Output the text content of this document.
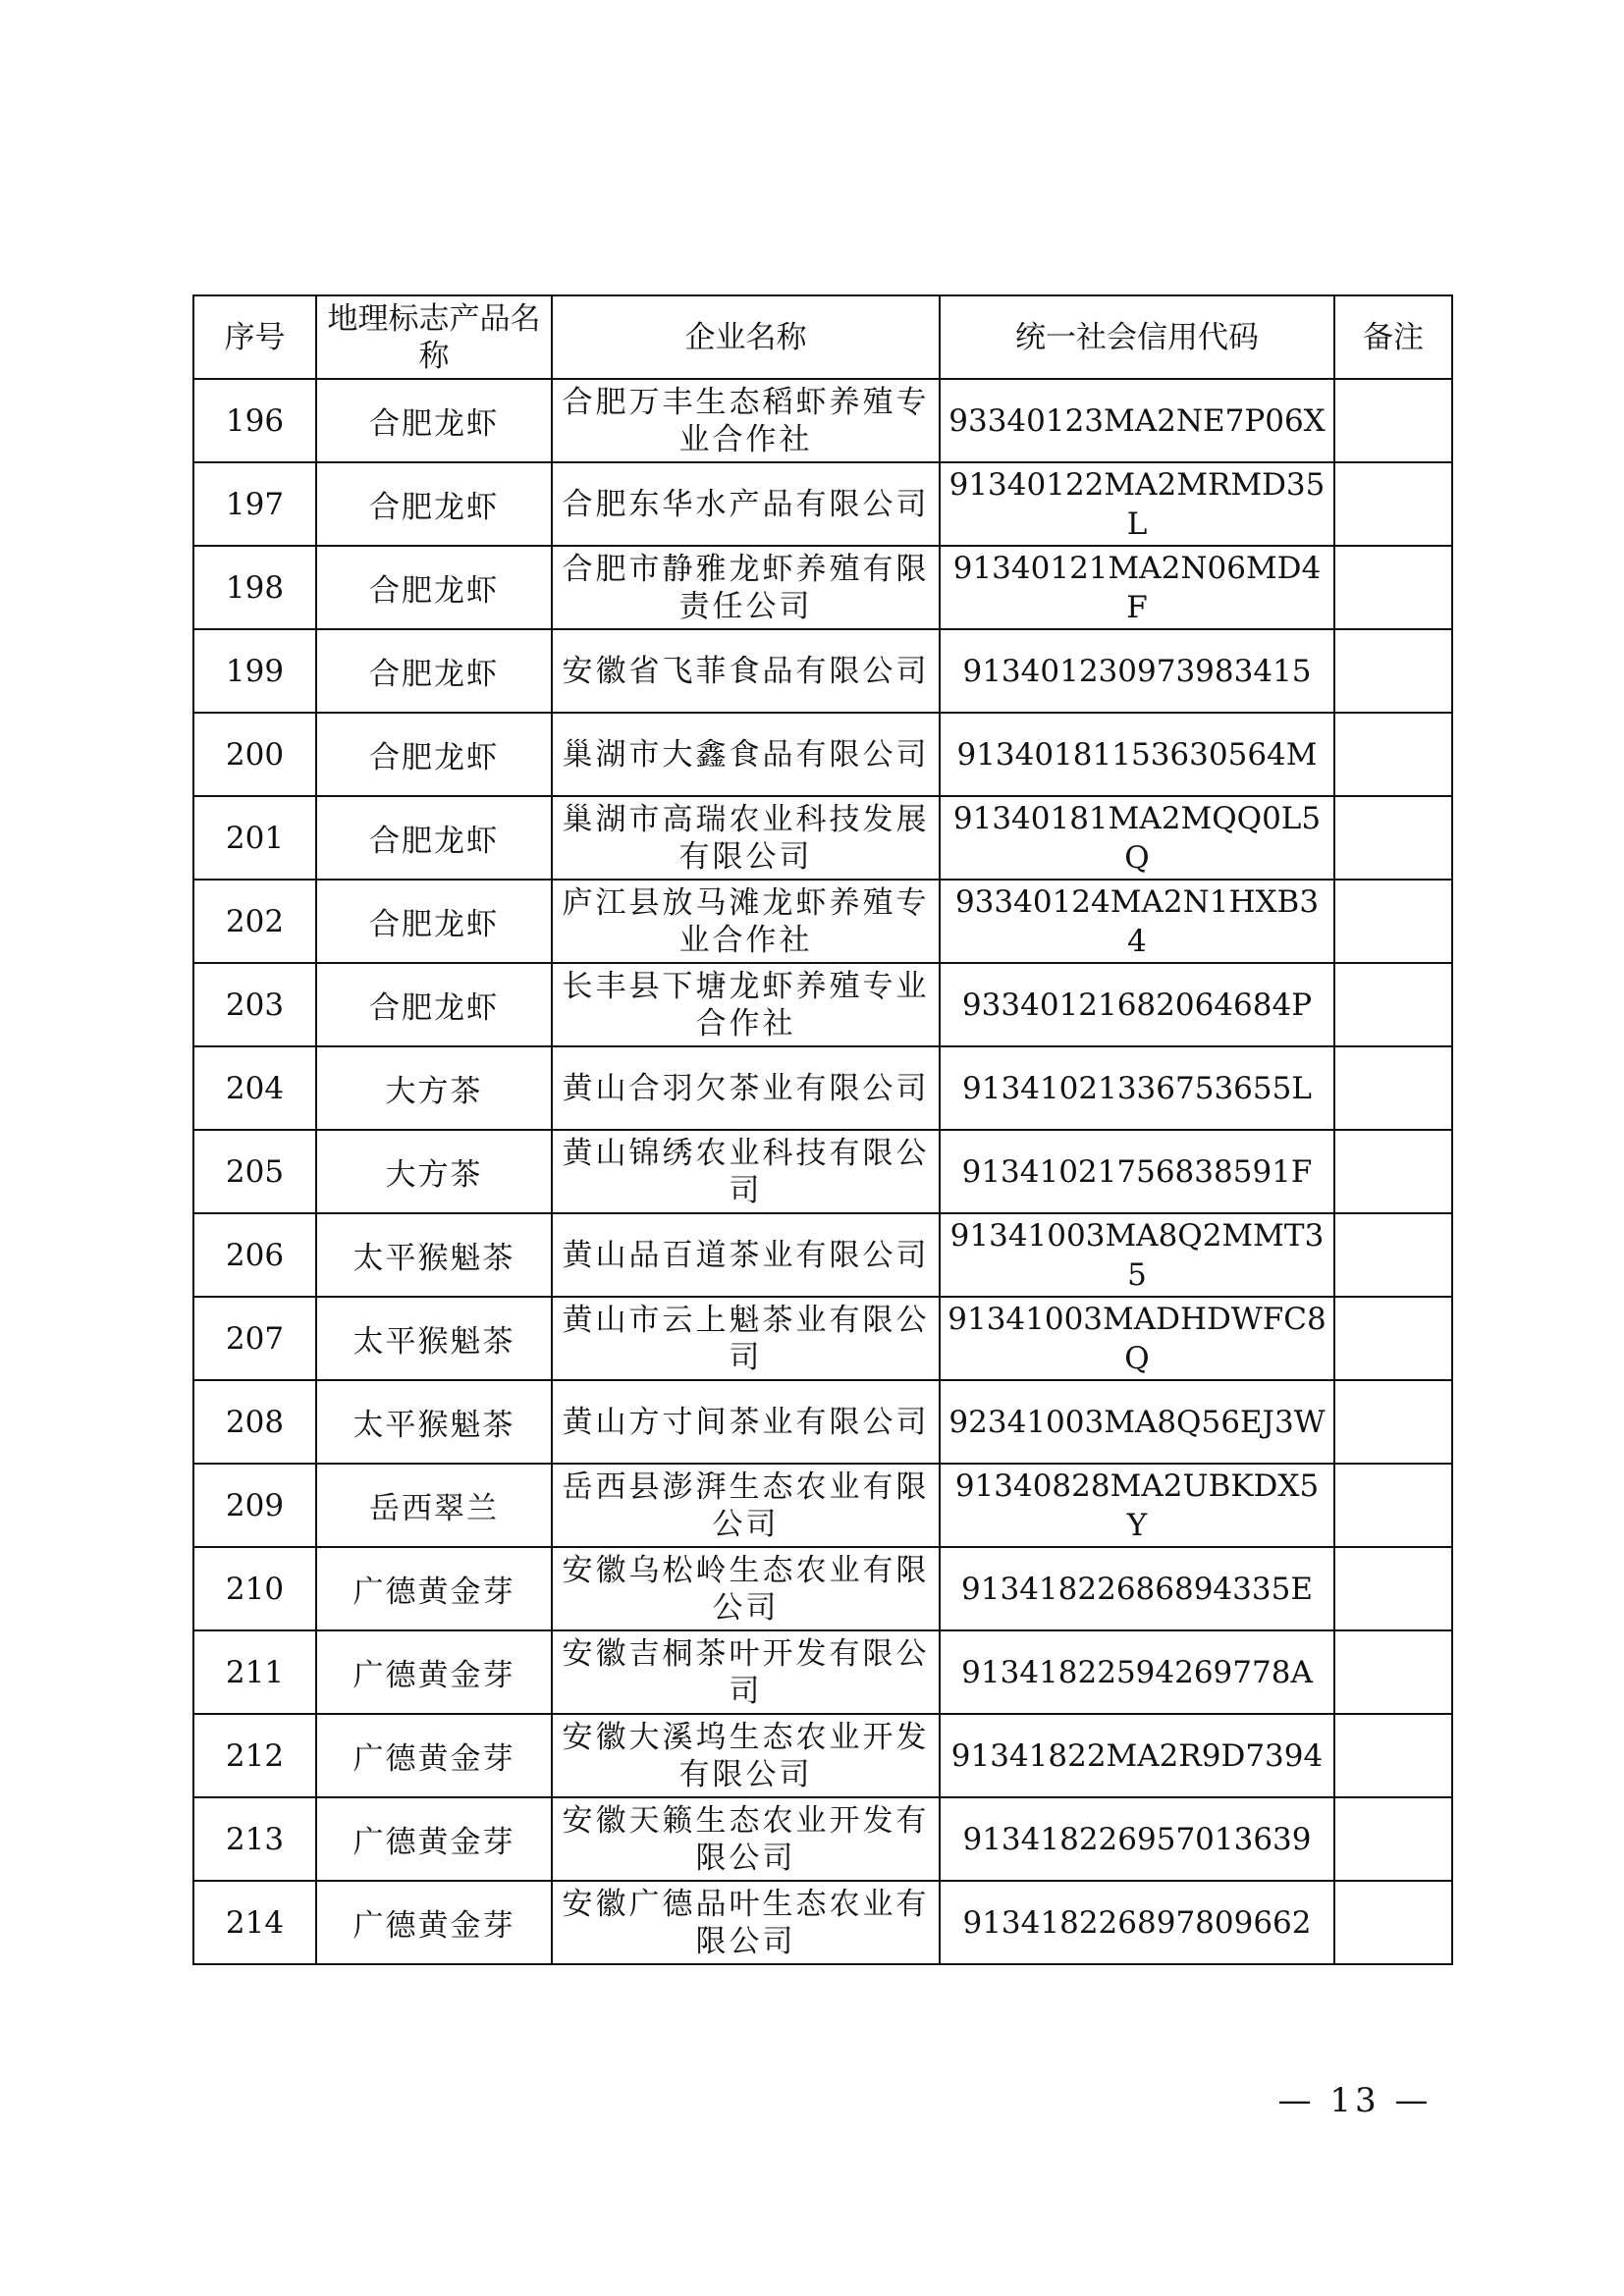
序号	地理标志产品名称	企业名称	统一社会信用代码	备注
196	合肥龙虾	合肥万丰生态稻虾养殖专业合作社	93340123MA2NE7P06X	
197	合肥龙虾	合肥东华水产品有限公司	91340122MA2MRMD35L	
198	合肥龙虾	合肥市静雅龙虾养殖有限责任公司	91340121MA2N06MD4F	
199	合肥龙虾	安徽省飞菲食品有限公司	913401230973983415	
200	合肥龙虾	巢湖市大鑫食品有限公司	91340181153630564M	
201	合肥龙虾	巢湖市高瑞农业科技发展有限公司	91340181MA2MQQ0L5Q	
202	合肥龙虾	庐江县放马滩龙虾养殖专业合作社	93340124MA2N1HXB34	
203	合肥龙虾	长丰县下塘龙虾养殖专业合作社	93340121682064684P	
204	大方茶	黄山合羽欠茶业有限公司	91341021336753655L	
205	大方茶	黄山锦绣农业科技有限公司	91341021756838591F	
206	太平猴魁茶	黄山品百道茶业有限公司	91341003MA8Q2MMT35	
207	太平猴魁茶	黄山市云上魁茶业有限公司	91341003MADHDWFC8Q	
208	太平猴魁茶	黄山方寸间茶业有限公司	92341003MA8Q56EJ3W	
209	岳西翠兰	岳西县澎湃生态农业有限公司	91340828MA2UBKDX5Y	
210	广德黄金芽	安徽乌松岭生态农业有限公司	91341822686894335E	
211	广德黄金芽	安徽吉桐茶叶开发有限公司	91341822594269778A	
212	广德黄金芽	安徽大溪坞生态农业开发有限公司	91341822MA2R9D7394	
213	广德黄金芽	安徽天籁生态农业开发有限公司	913418226957013639	
214	广德黄金芽	安徽广德品叶生态农业有限公司	913418226897809662	
— 13 —
